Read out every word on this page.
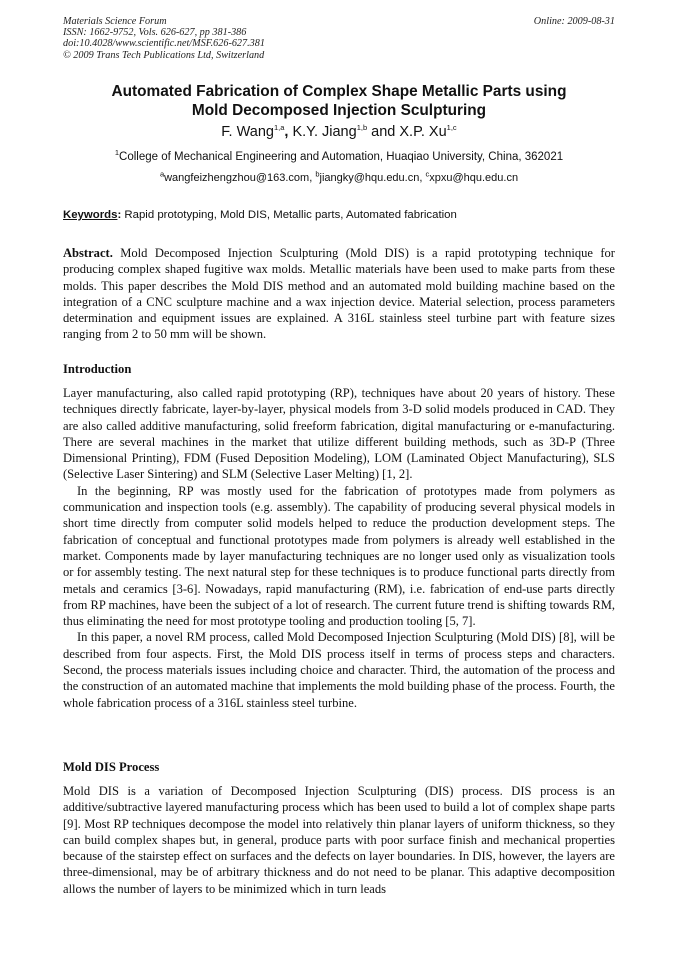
Materials Science Forum
ISSN: 1662-9752, Vols. 626-627, pp 381-386
doi:10.4028/www.scientific.net/MSF.626-627.381
© 2009 Trans Tech Publications Ltd, Switzerland
Online: 2009-08-31
Automated Fabrication of Complex Shape Metallic Parts using
Mold Decomposed Injection Sculpturing
F. Wang$^{1,a}$, K.Y. Jiang$^{1,b}$ and X.P. Xu$^{1,c}$
$^1$College of Mechanical Engineering and Automation, Huaqiao University, China, 362021
$^a$wangfeizhengzhou@163.com, $^b$jiangky@hqu.edu.cn, $^c$xpxu@hqu.edu.cn
Keywords: Rapid prototyping, Mold DIS, Metallic parts, Automated fabrication

Abstract. Mold Decomposed Injection Sculpturing (Mold DIS) is a rapid prototyping technique for producing complex shaped fugitive wax molds. Metallic materials have been used to make parts from these molds. This paper describes the Mold DIS method and an automated mold building machine based on the integration of a CNC sculpture machine and a wax injection device. Material selection, process parameters determination and equipment issues are explained. A 316L stainless steel turbine part with feature sizes ranging from 2 to 50 mm will be shown.

Introduction

Layer manufacturing, also called rapid prototyping (RP), techniques have about 20 years of history. These techniques directly fabricate, layer-by-layer, physical models from 3-D solid models produced in CAD. They are also called additive manufacturing, solid freeform fabrication, digital manufacturing or e-manufacturing. There are several machines in the market that utilize different building methods, such as 3D-P (Three Dimensional Printing), FDM (Fused Deposition Modeling), LOM (Laminated Object Manufacturing), SLS (Selective Laser Sintering) and SLM (Selective Laser Melting) [1, 2].

In the beginning, RP was mostly used for the fabrication of prototypes made from polymers as communication and inspection tools (e.g. assembly). The capability of producing several physical models in short time directly from computer solid models helped to reduce the production development steps. The fabrication of conceptual and functional prototypes made from polymers is already well established in the market. Components made by layer manufacturing techniques are no longer used only as visualization tools or for assembly testing. The next natural step for these techniques is to produce functional parts directly from metals and ceramics [3-6]. Nowadays, rapid manufacturing (RM), i.e. fabrication of end-use parts directly from RP machines, have been the subject of a lot of research. The current future trend is shifting towards RM, thus eliminating the need for most prototype tooling and production tooling [5, 7].

In this paper, a novel RM process, called Mold Decomposed Injection Sculpturing (Mold DIS) [8], will be described from four aspects. First, the Mold DIS process itself in terms of process steps and characters. Second, the process materials issues including choice and character. Third, the automation of the process and the construction of an automated machine that implements the mold building phase of the process. Fourth, the whole fabrication process of a 316L stainless steel turbine.

Mold DIS Process

Mold DIS is a variation of Decomposed Injection Sculpturing (DIS) process. DIS process is an additive/subtractive layered manufacturing process which has been used to build a lot of complex shape parts [9]. Most RP techniques decompose the model into relatively thin planar layers of uniform thickness, so they can build complex shapes but, in general, produce parts with poor surface finish and mechanical properties because of the stairstep effect on surfaces and the defects on layer boundaries. In DIS, however, the layers are three-dimensional, may be of arbitrary thickness and do not need to be planar. This adaptive decomposition allows the number of layers to be minimized which in turn leads
